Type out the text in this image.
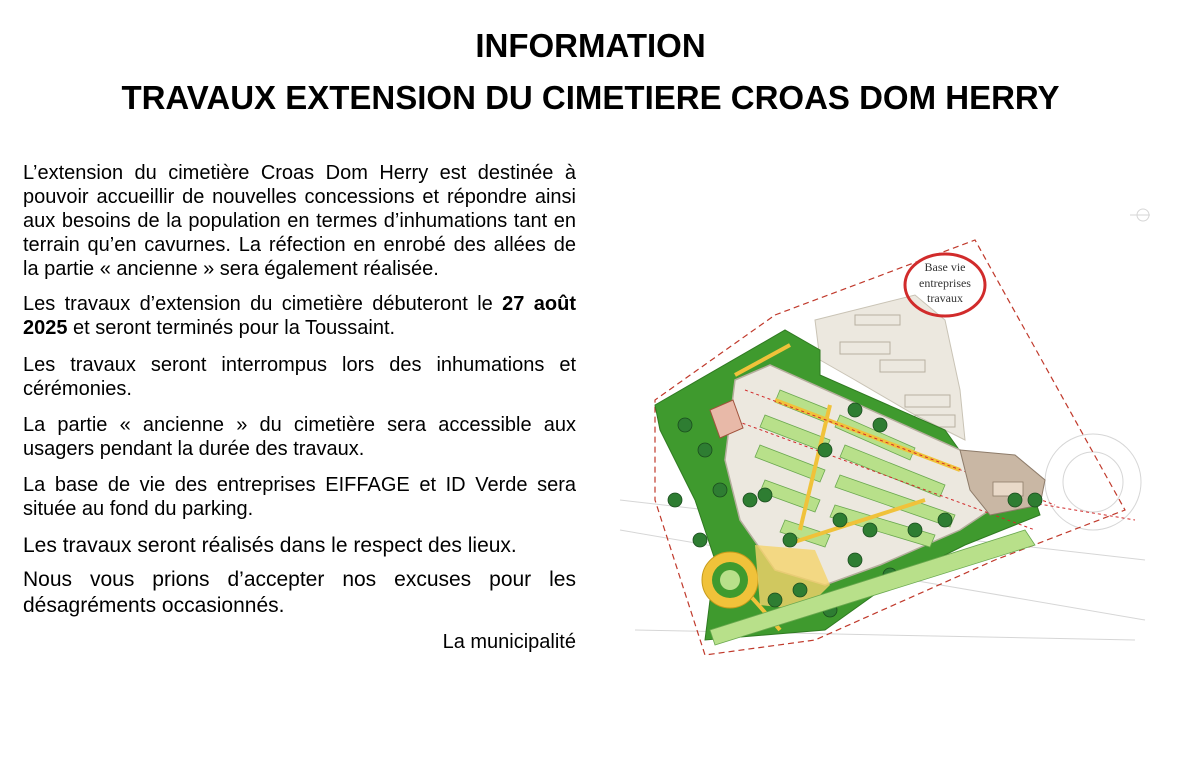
INFORMATION
TRAVAUX EXTENSION DU CIMETIERE CROAS DOM HERRY

L’extension du cimetière Croas Dom Herry est destinée à pouvoir accueillir de nouvelles concessions et répondre ainsi aux besoins de la population en termes d’inhumations tant en terrain qu’en cavurnes. La réfection en enrobé des allées de la partie « ancienne » sera également réalisée.

Les travaux d’extension du cimetière débuteront le 27 août 2025 et seront terminés pour la Toussaint.

Les travaux seront interrompus lors des inhumations et cérémonies.

La partie « ancienne » du cimetière sera accessible aux usagers pendant la durée des travaux.

La base de vie des entreprises EIFFAGE et ID Verde sera située au fond du parking.

Les travaux seront réalisés dans le respect des lieux.

Nous vous prions d’accepter nos excuses pour les désagréments occasionnés.

La municipalité

Base vie
entreprises
travaux
